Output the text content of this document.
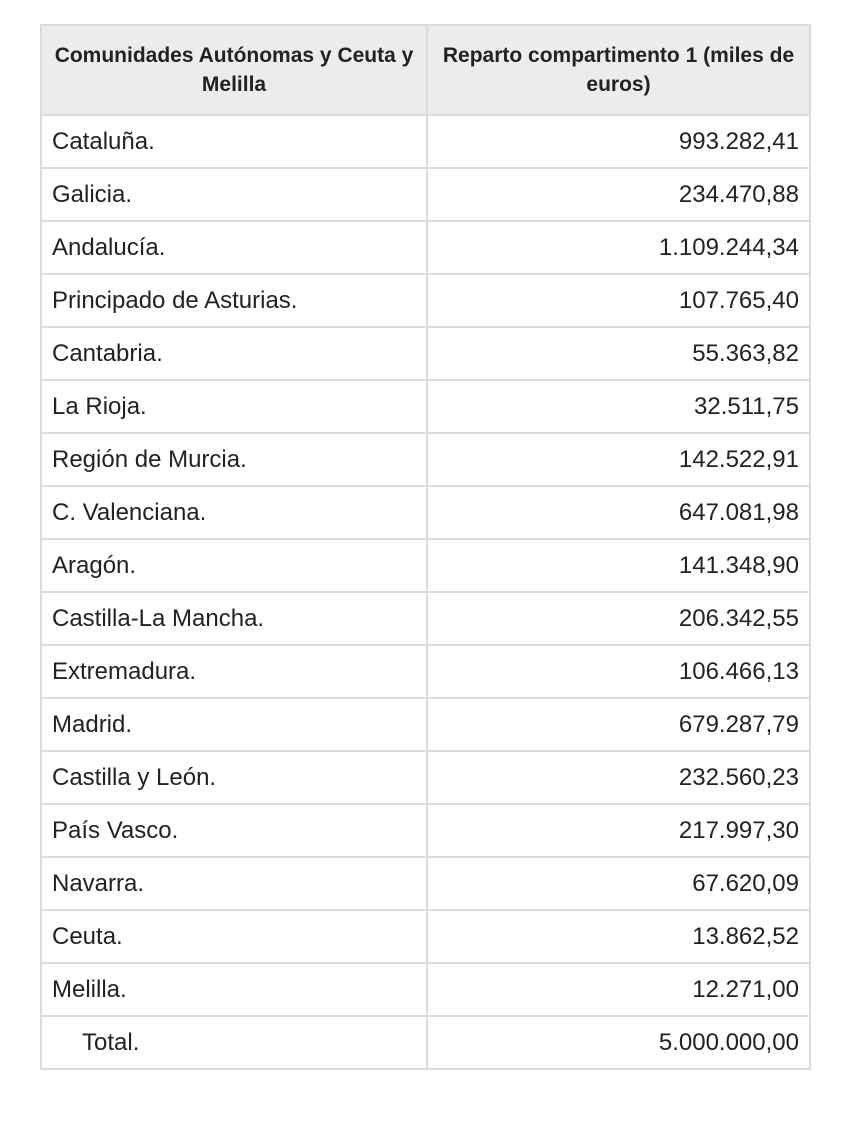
Comunidades Autónomas y Ceuta y Melilla	Reparto compartimento 1 (miles de euros)
Cataluña.	993.282,41
Galicia.	234.470,88
Andalucía.	1.109.244,34
Principado de Asturias.	107.765,40
Cantabria.	55.363,82
La Rioja.	32.511,75
Región de Murcia.	142.522,91
C. Valenciana.	647.081,98
Aragón.	141.348,90
Castilla-La Mancha.	206.342,55
Extremadura.	106.466,13
Madrid.	679.287,79
Castilla y León.	232.560,23
País Vasco.	217.997,30
Navarra.	67.620,09
Ceuta.	13.862,52
Melilla.	12.271,00
Total.	5.000.000,00
